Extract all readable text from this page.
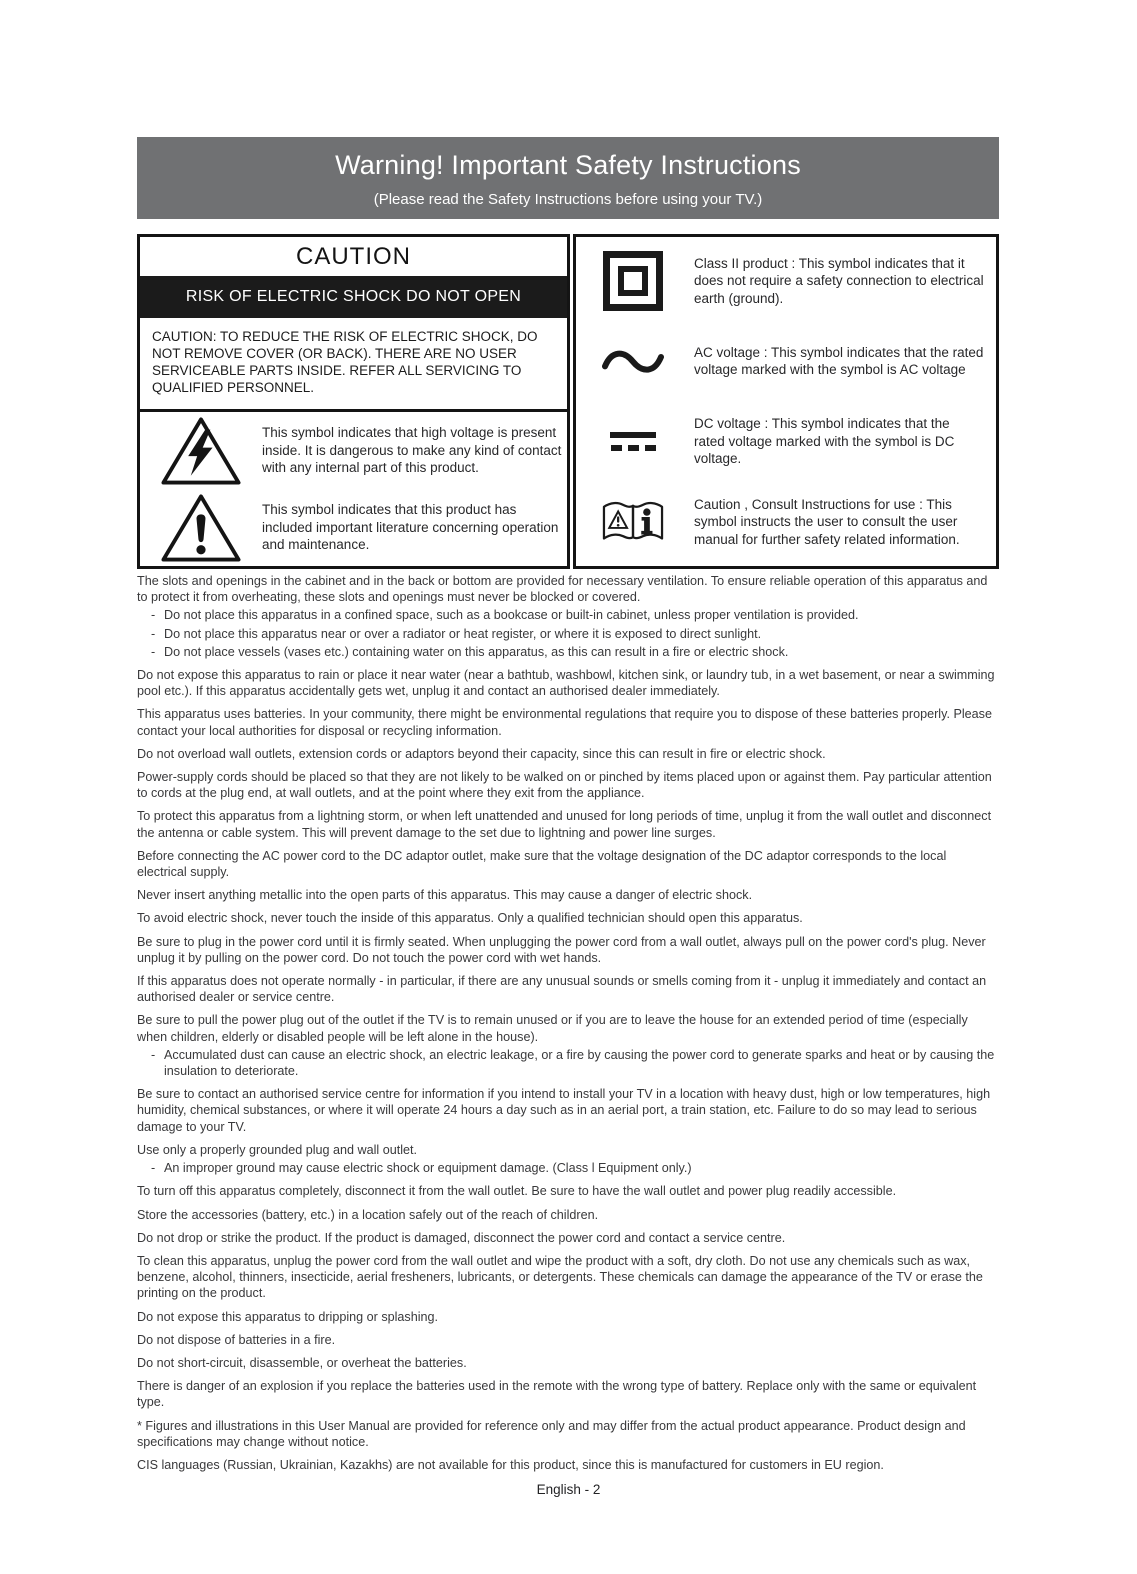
Warning! Important Safety Instructions
(Please read the Safety Instructions before using your TV.)
CAUTION
RISK OF ELECTRIC SHOCK DO NOT OPEN
CAUTION: TO REDUCE THE RISK OF ELECTRIC SHOCK, DO NOT REMOVE COVER (OR BACK). THERE ARE NO USER SERVICEABLE PARTS INSIDE. REFER ALL SERVICING TO QUALIFIED PERSONNEL.
This symbol indicates that high voltage is present inside. It is dangerous to make any kind of contact with any internal part of this product.
This symbol indicates that this product has included important literature concerning operation and maintenance.
Class II product : This symbol indicates that it does not require a safety connection to electrical earth (ground).
AC voltage : This symbol indicates that the rated voltage marked with the symbol is AC voltage
DC voltage : This symbol indicates that the rated voltage marked with the symbol is DC voltage.
Caution , Consult Instructions for use : This symbol instructs the user to consult the user manual for further safety related information.
The slots and openings in the cabinet and in the back or bottom are provided for necessary ventilation. To ensure reliable operation of this apparatus and to protect it from overheating, these slots and openings must never be blocked or covered.
- Do not place this apparatus in a confined space, such as a bookcase or built-in cabinet, unless proper ventilation is provided.
- Do not place this apparatus near or over a radiator or heat register, or where it is exposed to direct sunlight.
- Do not place vessels (vases etc.) containing water on this apparatus, as this can result in a fire or electric shock.
Do not expose this apparatus to rain or place it near water (near a bathtub, washbowl, kitchen sink, or laundry tub, in a wet basement, or near a swimming pool etc.). If this apparatus accidentally gets wet, unplug it and contact an authorised dealer immediately.
This apparatus uses batteries. In your community, there might be environmental regulations that require you to dispose of these batteries properly. Please contact your local authorities for disposal or recycling information.
Do not overload wall outlets, extension cords or adaptors beyond their capacity, since this can result in fire or electric shock.
Power-supply cords should be placed so that they are not likely to be walked on or pinched by items placed upon or against them. Pay particular attention to cords at the plug end, at wall outlets, and at the point where they exit from the appliance.
To protect this apparatus from a lightning storm, or when left unattended and unused for long periods of time, unplug it from the wall outlet and disconnect the antenna or cable system. This will prevent damage to the set due to lightning and power line surges.
Before connecting the AC power cord to the DC adaptor outlet, make sure that the voltage designation of the DC adaptor corresponds to the local electrical supply.
Never insert anything metallic into the open parts of this apparatus. This may cause a danger of electric shock.
To avoid electric shock, never touch the inside of this apparatus. Only a qualified technician should open this apparatus.
Be sure to plug in the power cord until it is firmly seated. When unplugging the power cord from a wall outlet, always pull on the power cord's plug. Never unplug it by pulling on the power cord. Do not touch the power cord with wet hands.
If this apparatus does not operate normally - in particular, if there are any unusual sounds or smells coming from it - unplug it immediately and contact an authorised dealer or service centre.
Be sure to pull the power plug out of the outlet if the TV is to remain unused or if you are to leave the house for an extended period of time (especially when children, elderly or disabled people will be left alone in the house).
- Accumulated dust can cause an electric shock, an electric leakage, or a fire by causing the power cord to generate sparks and heat or by causing the insulation to deteriorate.
Be sure to contact an authorised service centre for information if you intend to install your TV in a location with heavy dust, high or low temperatures, high humidity, chemical substances, or where it will operate 24 hours a day such as in an aerial port, a train station, etc. Failure to do so may lead to serious damage to your TV.
Use only a properly grounded plug and wall outlet.
- An improper ground may cause electric shock or equipment damage. (Class l Equipment only.)
To turn off this apparatus completely, disconnect it from the wall outlet. Be sure to have the wall outlet and power plug readily accessible.
Store the accessories (battery, etc.) in a location safely out of the reach of children.
Do not drop or strike the product. If the product is damaged, disconnect the power cord and contact a service centre.
To clean this apparatus, unplug the power cord from the wall outlet and wipe the product with a soft, dry cloth. Do not use any chemicals such as wax, benzene, alcohol, thinners, insecticide, aerial fresheners, lubricants, or detergents. These chemicals can damage the appearance of the TV or erase the printing on the product.
Do not expose this apparatus to dripping or splashing.
Do not dispose of batteries in a fire.
Do not short-circuit, disassemble, or overheat the batteries.
There is danger of an explosion if you replace the batteries used in the remote with the wrong type of battery. Replace only with the same or equivalent type.
* Figures and illustrations in this User Manual are provided for reference only and may differ from the actual product appearance. Product design and specifications may change without notice.
CIS languages (Russian, Ukrainian, Kazakhs) are not available for this product, since this is manufactured for customers in EU region.
English - 2
